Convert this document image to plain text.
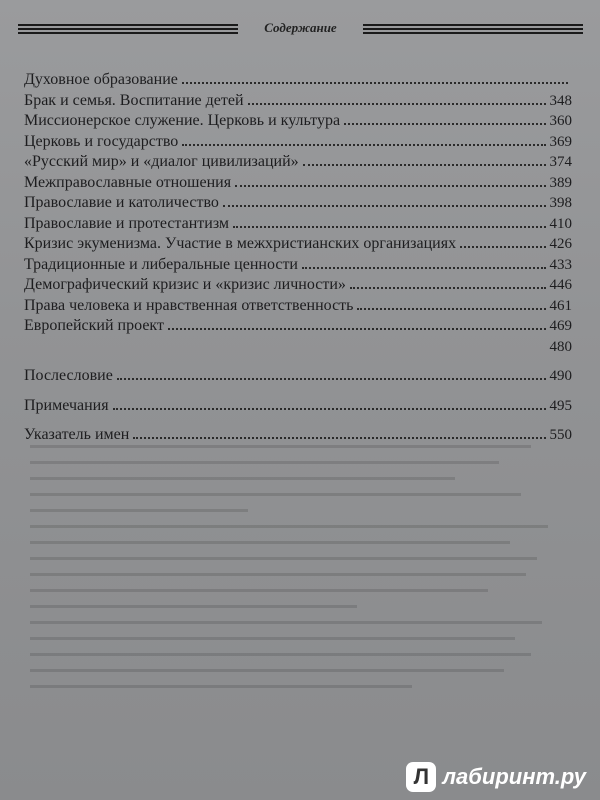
Содержание
Духовное образование
Брак и семья. Воспитание детей	348
Миссионерское служение. Церковь и культура	360
Церковь и государство	369
«Русский мир» и «диалог цивилизаций»	374
Межправославные отношения	389
Православие и католичество	398
Православие и протестантизм	410
Кризис экуменизма. Участие в межхристианских организациях	426
Традиционные и либеральные ценности	433
Демографический кризис и «кризис личности»	446
Права человека и нравственная ответственность	461
Европейский проект	469
480
Послесловие	490
Примечания	495
Указатель имен	550
Л лабиринт.ру
